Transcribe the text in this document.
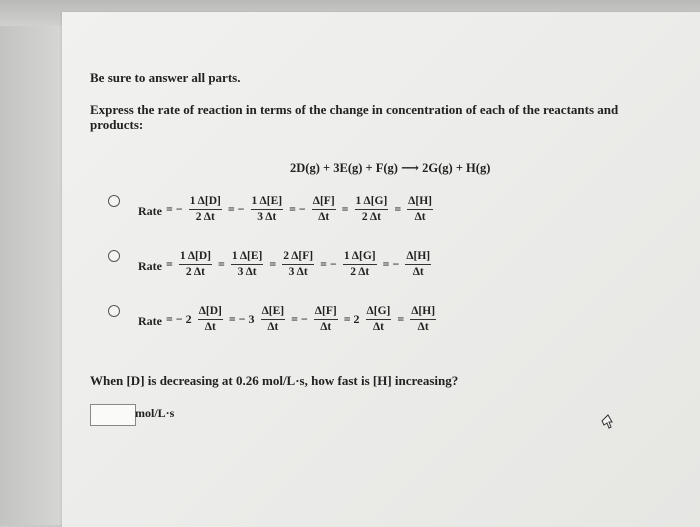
Be sure to answer all parts.
Express the rate of reaction in terms of the change in concentration of each of the reactants and
products:
2D(g) + 3E(g) + F(g) ⟶ 2G(g) + H(g)
Rate = − $\frac{1 \Delta[D]}{2 \Delta t}$ = − $\frac{1 \Delta[E]}{3 \Delta t}$ = − $\frac{\Delta[F]}{\Delta t} = \frac{1 \Delta[G]}{2 \Delta t} = \frac{\Delta[H]}{\Delta t}$
Rate = $\frac{1 \Delta[D]}{2 \Delta t} = \frac{1 \Delta[E]}{3 \Delta t} = \frac{2 \Delta[F]}{3 \Delta t}$ = − $\frac{1 \Delta[G]}{2 \Delta t}$ = − $\frac{\Delta[H]}{\Delta t}$
Rate = − $2 \frac{\Delta[D]}{\Delta t}$ = − $3 \frac{\Delta[E]}{\Delta t}$ = − $\frac{\Delta[F]}{\Delta t} = 2 \frac{\Delta[G]}{\Delta t} = \frac{\Delta[H]}{\Delta t}$
When [D] is decreasing at 0.26 mol/L·s, how fast is [H] increasing?
mol/L·s
